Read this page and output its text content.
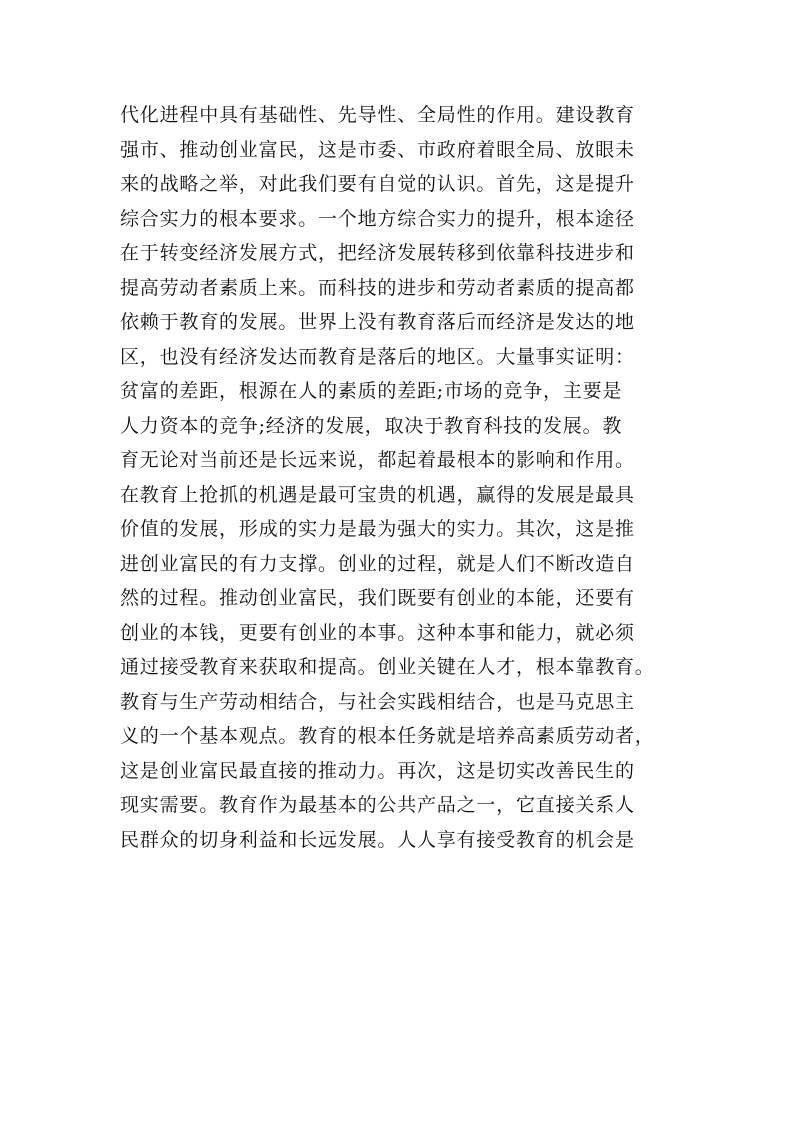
代化进程中具有基础性、先导性、全局性的作用。建设教育
强市、推动创业富民，这是市委、市政府着眼全局、放眼未
来的战略之举，对此我们要有自觉的认识。首先，这是提升
综合实力的根本要求。一个地方综合实力的提升，根本途径
在于转变经济发展方式，把经济发展转移到依靠科技进步和
提高劳动者素质上来。而科技的进步和劳动者素质的提高都
依赖于教育的发展。世界上没有教育落后而经济是发达的地
区，也没有经济发达而教育是落后的地区。大量事实证明：
贫富的差距，根源在人的素质的差距;市场的竞争，主要是
人力资本的竞争;经济的发展，取决于教育科技的发展。教
育无论对当前还是长远来说，都起着最根本的影响和作用。
在教育上抢抓的机遇是最可宝贵的机遇，赢得的发展是最具
价值的发展，形成的实力是最为强大的实力。其次，这是推
进创业富民的有力支撑。创业的过程，就是人们不断改造自
然的过程。推动创业富民，我们既要有创业的本能，还要有
创业的本钱，更要有创业的本事。这种本事和能力，就必须
通过接受教育来获取和提高。创业关键在人才，根本靠教育。
教育与生产劳动相结合，与社会实践相结合，也是马克思主
义的一个基本观点。教育的根本任务就是培养高素质劳动者，
这是创业富民最直接的推动力。再次，这是切实改善民生的
现实需要。教育作为最基本的公共产品之一，它直接关系人
民群众的切身利益和长远发展。人人享有接受教育的机会是
